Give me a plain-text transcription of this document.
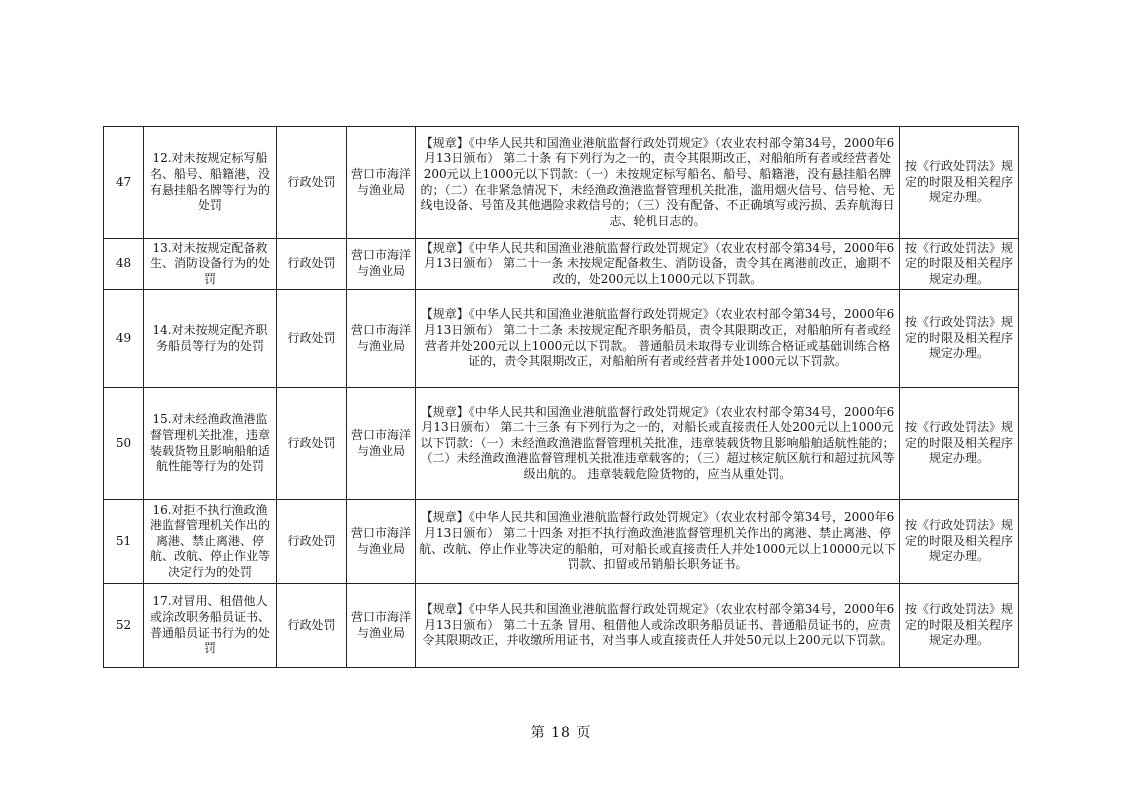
47	12.对未按规定标写船名、船号、船籍港，没有悬挂船名牌等行为的处罚	行政处罚	营口市海洋与渔业局	【规章】《中华人民共和国渔业港航监督行政处罚规定》（农业农村部令第34号，2000年6月13日颁布） 第二十条 有下列行为之一的，责令其限期改正，对船舶所有者或经营者处200元以上1000元以下罚款：（一）未按规定标写船名、船号、船籍港，没有悬挂船名牌的；（二）在非紧急情况下，未经渔政渔港监督管理机关批准，滥用烟火信号、信号枪、无线电设备、号笛及其他遇险求救信号的；（三）没有配备、不正确填写或污损、丢弃航海日志、轮机日志的。	按《行政处罚法》规定的时限及相关程序规定办理。
48	13.对未按规定配备救生、消防设备行为的处罚	行政处罚	营口市海洋与渔业局	【规章】《中华人民共和国渔业港航监督行政处罚规定》（农业农村部令第34号，2000年6月13日颁布） 第二十一条 未按规定配备救生、消防设备，责令其在离港前改正，逾期不改的，处200元以上1000元以下罚款。	按《行政处罚法》规定的时限及相关程序规定办理。
49	14.对未按规定配齐职务船员等行为的处罚	行政处罚	营口市海洋与渔业局	【规章】《中华人民共和国渔业港航监督行政处罚规定》（农业农村部令第34号，2000年6月13日颁布） 第二十二条 未按规定配齐职务船员，责令其限期改正，对船舶所有者或经营者并处200元以上1000元以下罚款。 普通船员未取得专业训练合格证或基础训练合格证的，责令其限期改正，对船舶所有者或经营者并处1000元以下罚款。	按《行政处罚法》规定的时限及相关程序规定办理。
50	15.对未经渔政渔港监督管理机关批准，违章装载货物且影响船舶适航性能等行为的处罚	行政处罚	营口市海洋与渔业局	【规章】《中华人民共和国渔业港航监督行政处罚规定》（农业农村部令第34号，2000年6月13日颁布） 第二十三条 有下列行为之一的，对船长或直接责任人处200元以上1000元以下罚款：（一）未经渔政渔港监督管理机关批准，违章装载货物且影响船舶适航性能的；（二）未经渔政渔港监督管理机关批准违章载客的；（三）超过核定航区航行和超过抗风等级出航的。 违章装载危险货物的，应当从重处罚。	按《行政处罚法》规定的时限及相关程序规定办理。
51	16.对拒不执行渔政渔港监督管理机关作出的离港、禁止离港、停航、改航、停止作业等决定行为的处罚	行政处罚	营口市海洋与渔业局	【规章】《中华人民共和国渔业港航监督行政处罚规定》（农业农村部令第34号，2000年6月13日颁布） 第二十四条 对拒不执行渔政渔港监督管理机关作出的离港、禁止离港、停航、改航、停止作业等决定的船舶，可对船长或直接责任人并处1000元以上10000元以下罚款、扣留或吊销船长职务证书。	按《行政处罚法》规定的时限及相关程序规定办理。
52	17.对冒用、租借他人或涂改职务船员证书、普通船员证书行为的处罚	行政处罚	营口市海洋与渔业局	【规章】《中华人民共和国渔业港航监督行政处罚规定》（农业农村部令第34号，2000年6月13日颁布） 第二十五条 冒用、租借他人或涂改职务船员证书、普通船员证书的，应责令其限期改正，并收缴所用证书，对当事人或直接责任人并处50元以上200元以下罚款。	按《行政处罚法》规定的时限及相关程序规定办理。
第 18 页
